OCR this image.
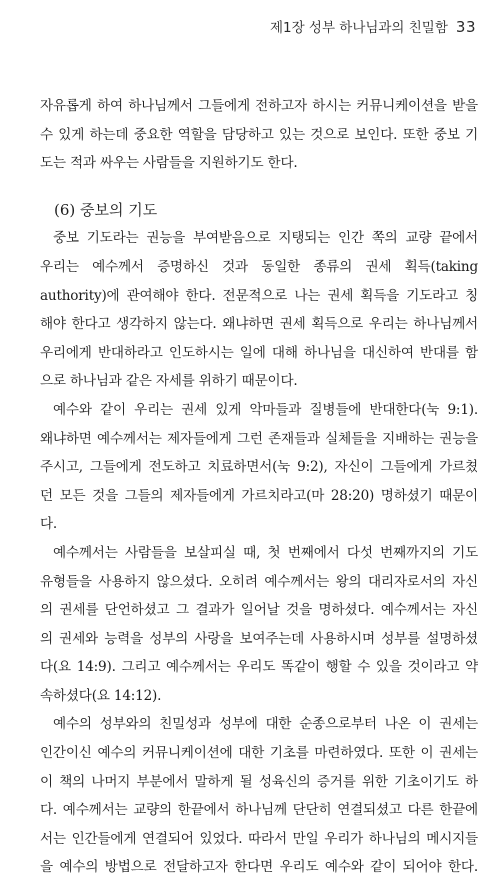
제1장 성부 하나님과의 친밀함 33
자유롭게 하여 하나님께서 그들에게 전하고자 하시는 커뮤니케이션을 받을
수 있게 하는데 중요한 역할을 담당하고 있는 것으로 보인다. 또한 중보 기
도는 적과 싸우는 사람들을 지원하기도 한다.
(6) 중보의 기도
중보 기도라는 권능을 부여받음으로 지탱되는 인간 쪽의 교량 끝에서
우리는 예수께서 증명하신 것과 동일한 종류의 권세 획득(taking
authority)에 관여해야 한다. 전문적으로 나는 권세 획득을 기도라고 칭
해야 한다고 생각하지 않는다. 왜냐하면 권세 획득으로 우리는 하나님께서
우리에게 반대하라고 인도하시는 일에 대해 하나님을 대신하여 반대를 함
으로 하나님과 같은 자세를 위하기 때문이다.
예수와 같이 우리는 권세 있게 악마들과 질병들에 반대한다(눅 9:1).
왜냐하면 예수께서는 제자들에게 그런 존재들과 실체들을 지배하는 권능을
주시고, 그들에게 전도하고 치료하면서(눅 9:2), 자신이 그들에게 가르쳤
던 모든 것을 그들의 제자들에게 가르치라고(마 28:20) 명하셨기 때문이
다.
예수께서는 사람들을 보살피실 때, 첫 번째에서 다섯 번째까지의 기도
유형들을 사용하지 않으셨다. 오히려 예수께서는 왕의 대리자로서의 자신
의 권세를 단언하셨고 그 결과가 일어날 것을 명하셨다. 예수께서는 자신
의 권세와 능력을 성부의 사랑을 보여주는데 사용하시며 성부를 설명하셨
다(요 14:9). 그리고 예수께서는 우리도 똑같이 행할 수 있을 것이라고 약
속하셨다(요 14:12).
예수의 성부와의 친밀성과 성부에 대한 순종으로부터 나온 이 권세는
인간이신 예수의 커뮤니케이션에 대한 기초를 마련하였다. 또한 이 권세는
이 책의 나머지 부분에서 말하게 될 성육신의 증거를 위한 기초이기도 하
다. 예수께서는 교량의 한끝에서 하나님께 단단히 연결되셨고 다른 한끝에
서는 인간들에게 연결되어 있었다. 따라서 만일 우리가 하나님의 메시지들
을 예수의 방법으로 전달하고자 한다면 우리도 예수와 같이 되어야 한다.
